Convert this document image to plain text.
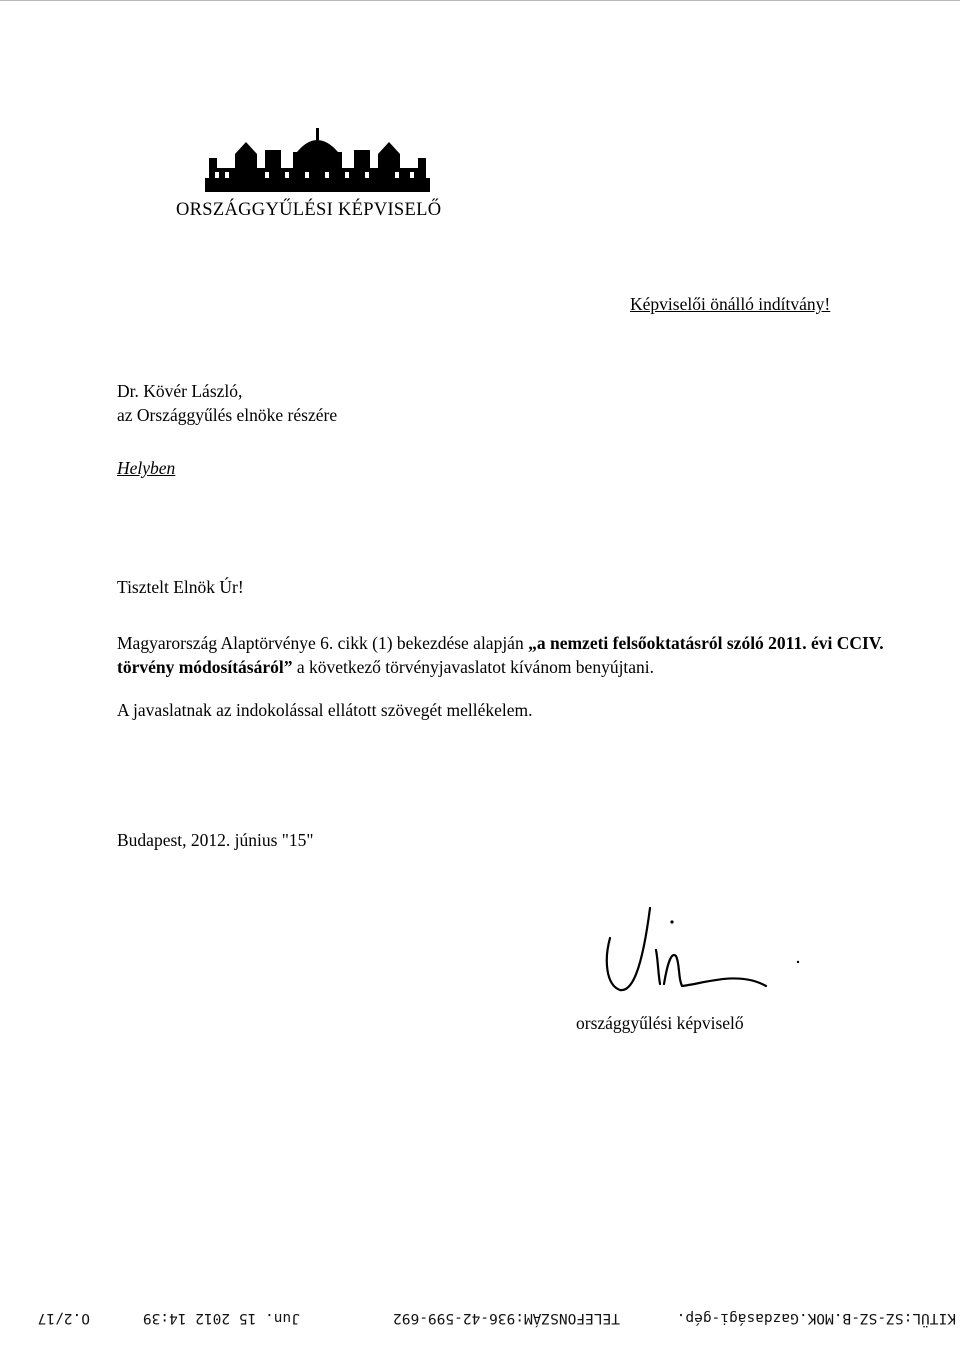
ORSZÁGGYŰLÉSI KÉPVISELŐ
Képviselői önálló indítvány!
Dr. Kövér László,
az Országgyűlés elnöke részére
Helyben
Tisztelt Elnök Úr!
Magyarország Alaptörvénye 6. cikk (1) bekezdése alapján „a nemzeti felsőoktatásról szóló 2011. évi CCIV. törvény módosításáról” a következő törvényjavaslatot kívánom benyújtani.
A javaslatnak az indokolással ellátott szövegét mellékelem.
Budapest, 2012. június "15"
országgyűlési képviselő
KITÜL:SZ-SZ-B.MOK.Gazdasági-gép.
TELEFONSZÁM:936-42-599-692
Jun. 15 2012 14:39
O.2/17
